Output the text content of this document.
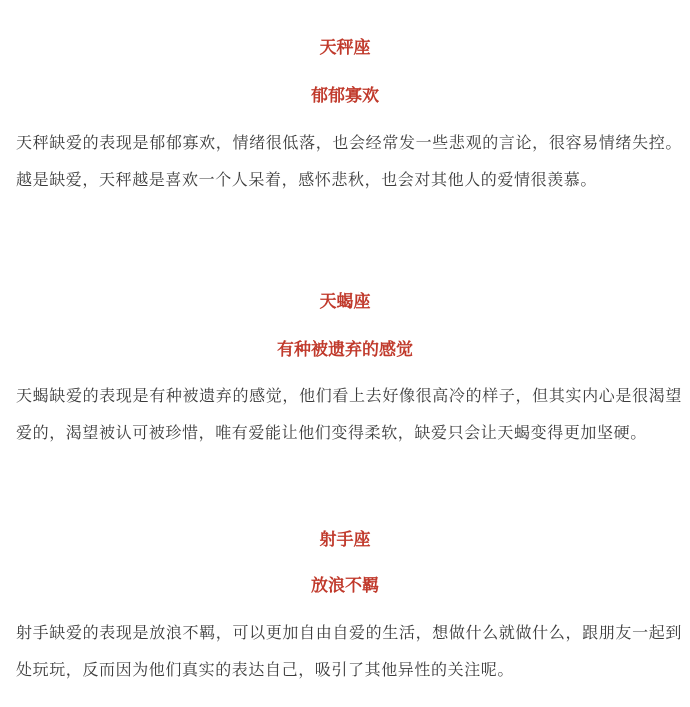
天秤座
郁郁寡欢

天秤缺爱的表现是郁郁寡欢，情绪很低落，也会经常发一些悲观的言论，很容易情绪失控。越是缺爱，天秤越是喜欢一个人呆着，感怀悲秋，也会对其他人的爱情很羡慕。

天蝎座
有种被遗弃的感觉

天蝎缺爱的表现是有种被遗弃的感觉，他们看上去好像很高冷的样子，但其实内心是很渴望爱的，渴望被认可被珍惜，唯有爱能让他们变得柔软，缺爱只会让天蝎变得更加坚硬。

射手座
放浪不羁

射手缺爱的表现是放浪不羁，可以更加自由自爱的生活，想做什么就做什么，跟朋友一起到处玩玩，反而因为他们真实的表达自己，吸引了其他异性的关注呢。
